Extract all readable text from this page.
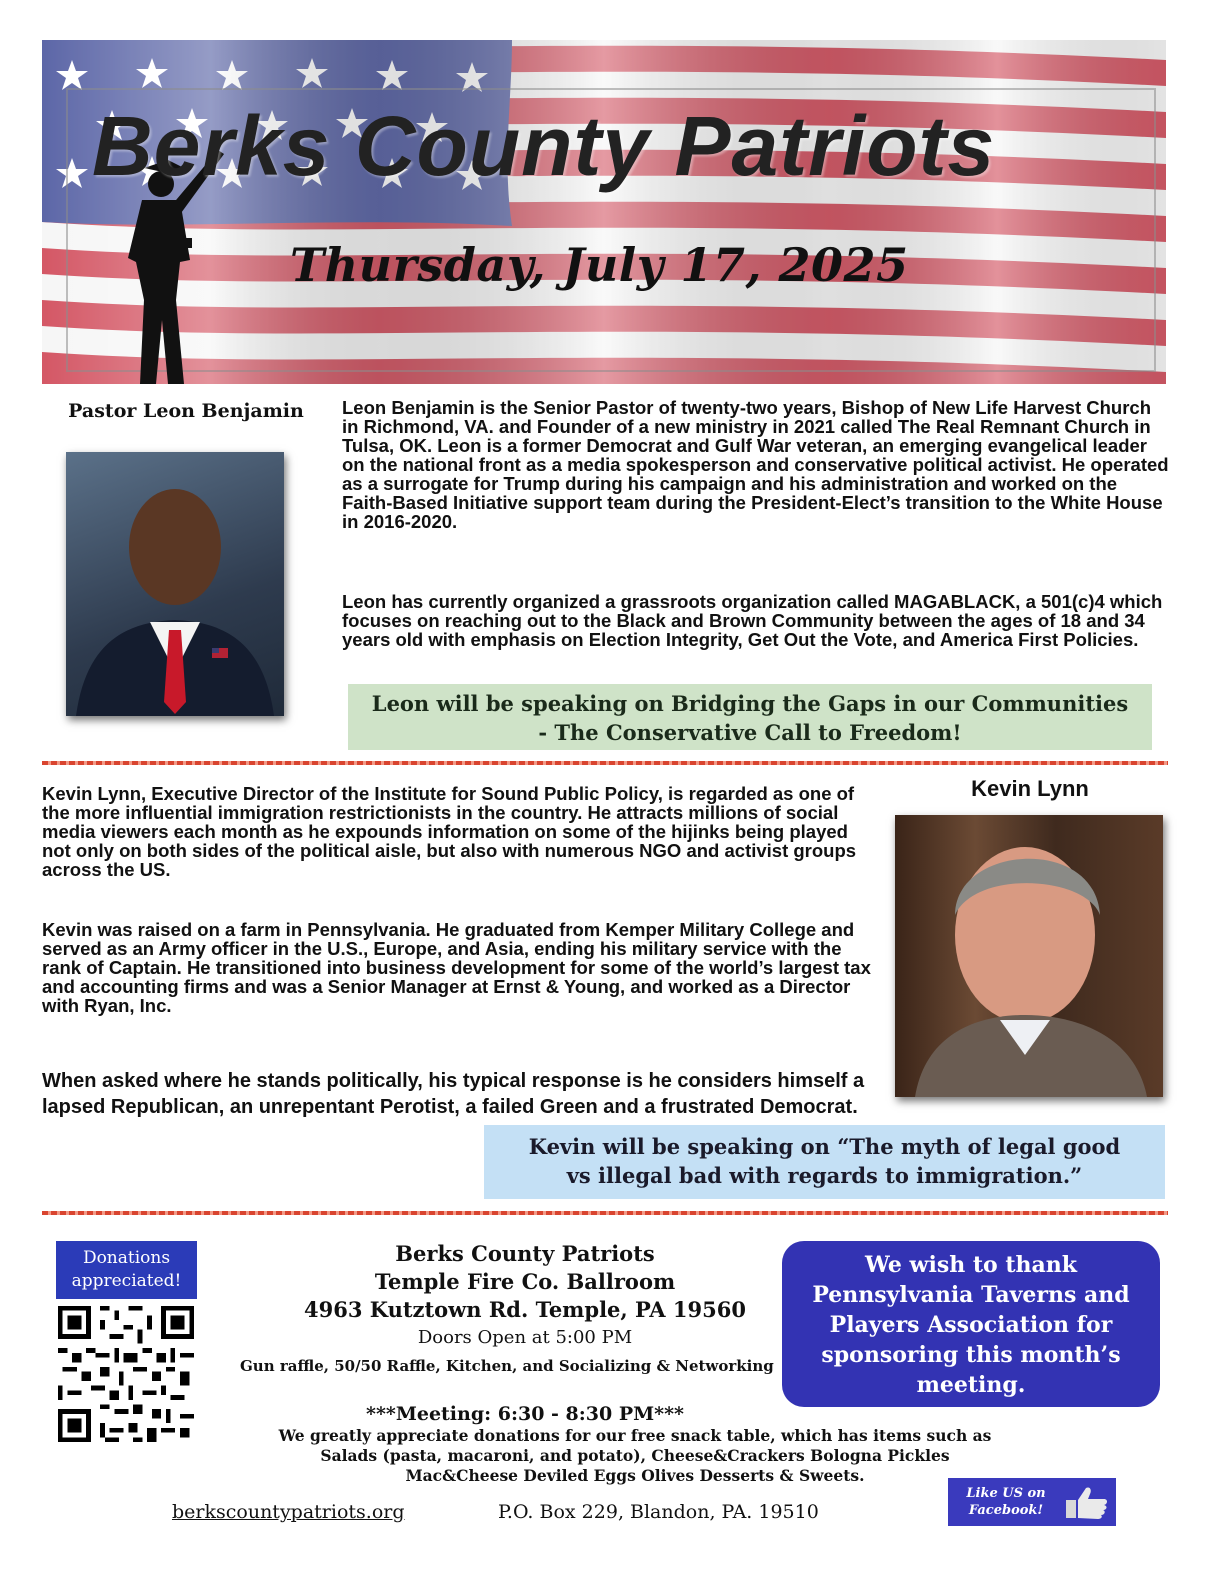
Berks County Patriots
Thursday, July 17, 2025
Pastor Leon Benjamin	Leon Benjamin is the Senior Pastor of twenty-two years, Bishop of New Life Harvest Church in Richmond, VA. and Founder of a new ministry in 2021 called The Real Remnant Church in Tulsa, OK. Leon is a former Democrat and Gulf War veteran, an emerging evangelical leader on the national front as a media spokesperson and conservative political activist. He operated as a surrogate for Trump during his campaign and his administration and worked on the Faith-Based Initiative support team during the President-Elect’s transition to the White House in 2016-2020.

Leon has currently organized a grassroots organization called MAGABLACK, a 501(c)4 which focuses on reaching out to the Black and Brown Community between the ages of 18 and 34 years old with emphasis on Election Integrity, Get Out the Vote, and America First Policies.

Leon will be speaking on Bridging the Gaps in our Communities
- The Conservative Call to Freedom!
Kevin Lynn

Kevin Lynn, Executive Director of the Institute for Sound Public Policy, is regarded as one of the more influential immigration restrictionists in the country. He attracts millions of social media viewers each month as he expounds information on some of the hijinks being played not only on both sides of the political aisle, but also with numerous NGO and activist groups across the US.

Kevin was raised on a farm in Pennsylvania. He graduated from Kemper Military College and served as an Army officer in the U.S., Europe, and Asia, ending his military service with the rank of Captain. He transitioned into business development for some of the world’s largest tax and accounting firms and was a Senior Manager at Ernst & Young, and worked as a Director with Ryan, Inc.

When asked where he stands politically, his typical response is he considers himself a lapsed Republican, an unrepentant Perotist, a failed Green and a frustrated Democrat.

Kevin will be speaking on “The myth of legal good
vs illegal bad with regards to immigration.”
Donations appreciated!
Berks County Patriots
Temple Fire Co. Ballroom
4963 Kutztown Rd. Temple, PA 19560
Doors Open at 5:00 PM
Gun raffle, 50/50 Raffle, Kitchen, and Socializing & Networking
***Meeting: 6:30 - 8:30 PM***
We greatly appreciate donations for our free snack table, which has items such as
Salads (pasta, macaroni, and potato), Cheese&Crackers Bologna Pickles
Mac&Cheese Deviled Eggs Olives Desserts & Sweets.
We wish to thank Pennsylvania Taverns and Players Association for sponsoring this month’s meeting.
berkscountypatriots.org	P.O. Box 229, Blandon, PA. 19510
Like US on Facebook!
